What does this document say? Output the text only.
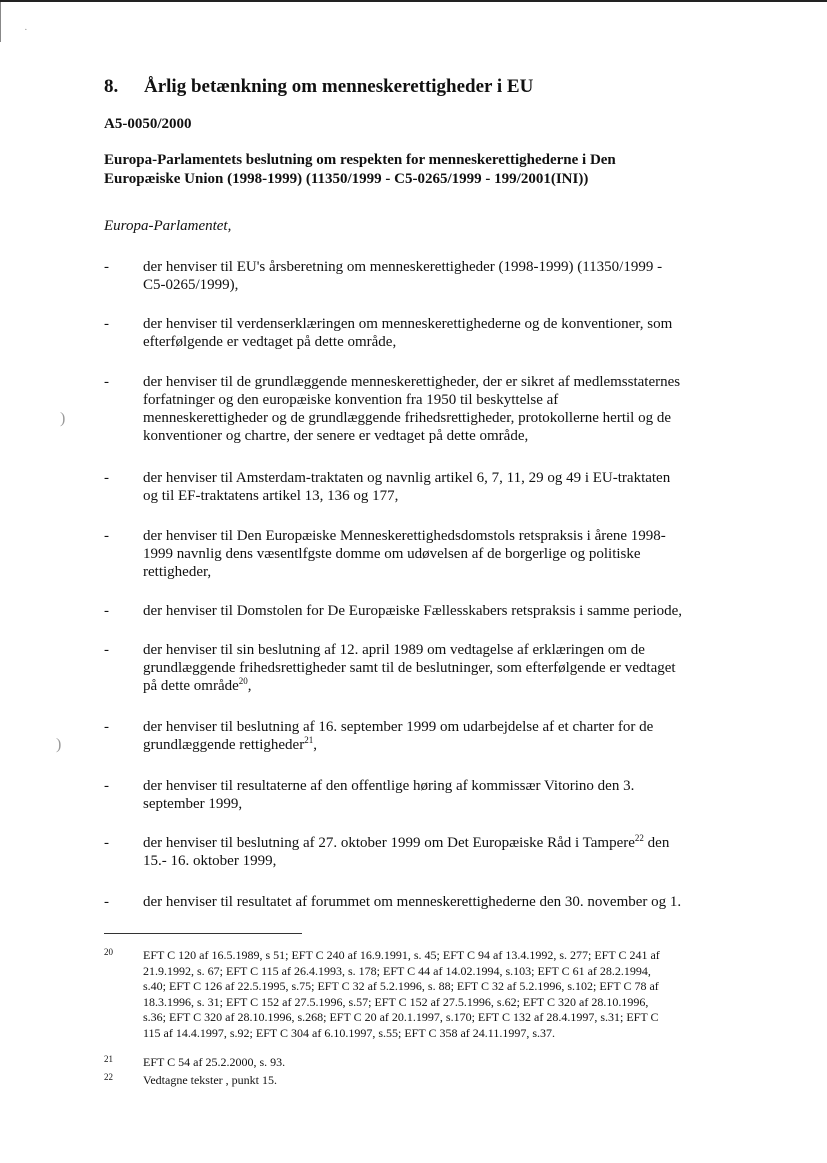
·
)
)
8. Årlig betænkning om menneskerettigheder i EU
A5-0050/2000
Europa-Parlamentets beslutning om respekten for menneskerettighederne i Den
Europæiske Union (1998-1999) (11350/1999 - C5-0265/1999 - 199/2001(INI))
Europa-Parlamentet,
- der henviser til EU's årsberetning om menneskerettigheder (1998-1999) (11350/1999 -
C5-0265/1999),
- der henviser til verdenserklæringen om menneskerettighederne og de konventioner, som
efterfølgende er vedtaget på dette område,
- der henviser til de grundlæggende menneskerettigheder, der er sikret af medlemsstaternes
forfatninger og den europæiske konvention fra 1950 til beskyttelse af
menneskerettigheder og de grundlæggende frihedsrettigheder, protokollerne hertil og de
konventioner og chartre, der senere er vedtaget på dette område,
- der henviser til Amsterdam-traktaten og navnlig artikel 6, 7, 11, 29 og 49 i EU-traktaten
og til EF-traktatens artikel 13, 136 og 177,
- der henviser til Den Europæiske Menneskerettighedsdomstols retspraksis i årene 1998-
1999 navnlig dens væsentlfgste domme om udøvelsen af de borgerlige og politiske
rettigheder,
- der henviser til Domstolen for De Europæiske Fællesskabers retspraksis i samme periode,
- der henviser til sin beslutning af 12. april 1989 om vedtagelse af erklæringen om de
grundlæggende frihedsrettigheder samt til de beslutninger, som efterfølgende er vedtaget
på dette område$^{20}$,
- der henviser til beslutning af 16. september 1999 om udarbejdelse af et charter for de
grundlæggende rettigheder$^{21}$,
- der henviser til resultaterne af den offentlige høring af kommissær Vitorino den 3.
september 1999,
- der henviser til beslutning af 27. oktober 1999 om Det Europæiske Råd i Tampere$^{22}$ den
15.- 16. oktober 1999,
- der henviser til resultatet af forummet om menneskerettighederne den 30. november og 1.
20	EFT C 120 af 16.5.1989, s 51; EFT C 240 af 16.9.1991, s. 45; EFT C 94 af 13.4.1992, s. 277; EFT C 241 af
21.9.1992, s. 67; EFT C 115 af 26.4.1993, s. 178; EFT C 44 af 14.02.1994, s.103; EFT C 61 af 28.2.1994,
s.40; EFT C 126 af 22.5.1995, s.75; EFT C 32 af 5.2.1996, s. 88; EFT C 32 af 5.2.1996, s.102; EFT C 78 af
18.3.1996, s. 31; EFT C 152 af 27.5.1996, s.57; EFT C 152 af 27.5.1996, s.62; EFT C 320 af 28.10.1996,
s.36; EFT C 320 af 28.10.1996, s.268; EFT C 20 af 20.1.1997, s.170; EFT C 132 af 28.4.1997, s.31; EFT C
115 af 14.4.1997, s.92; EFT C 304 af 6.10.1997, s.55; EFT C 358 af 24.11.1997, s.37.
21	EFT C 54 af 25.2.2000, s. 93.
22	Vedtagne tekster , punkt 15.
